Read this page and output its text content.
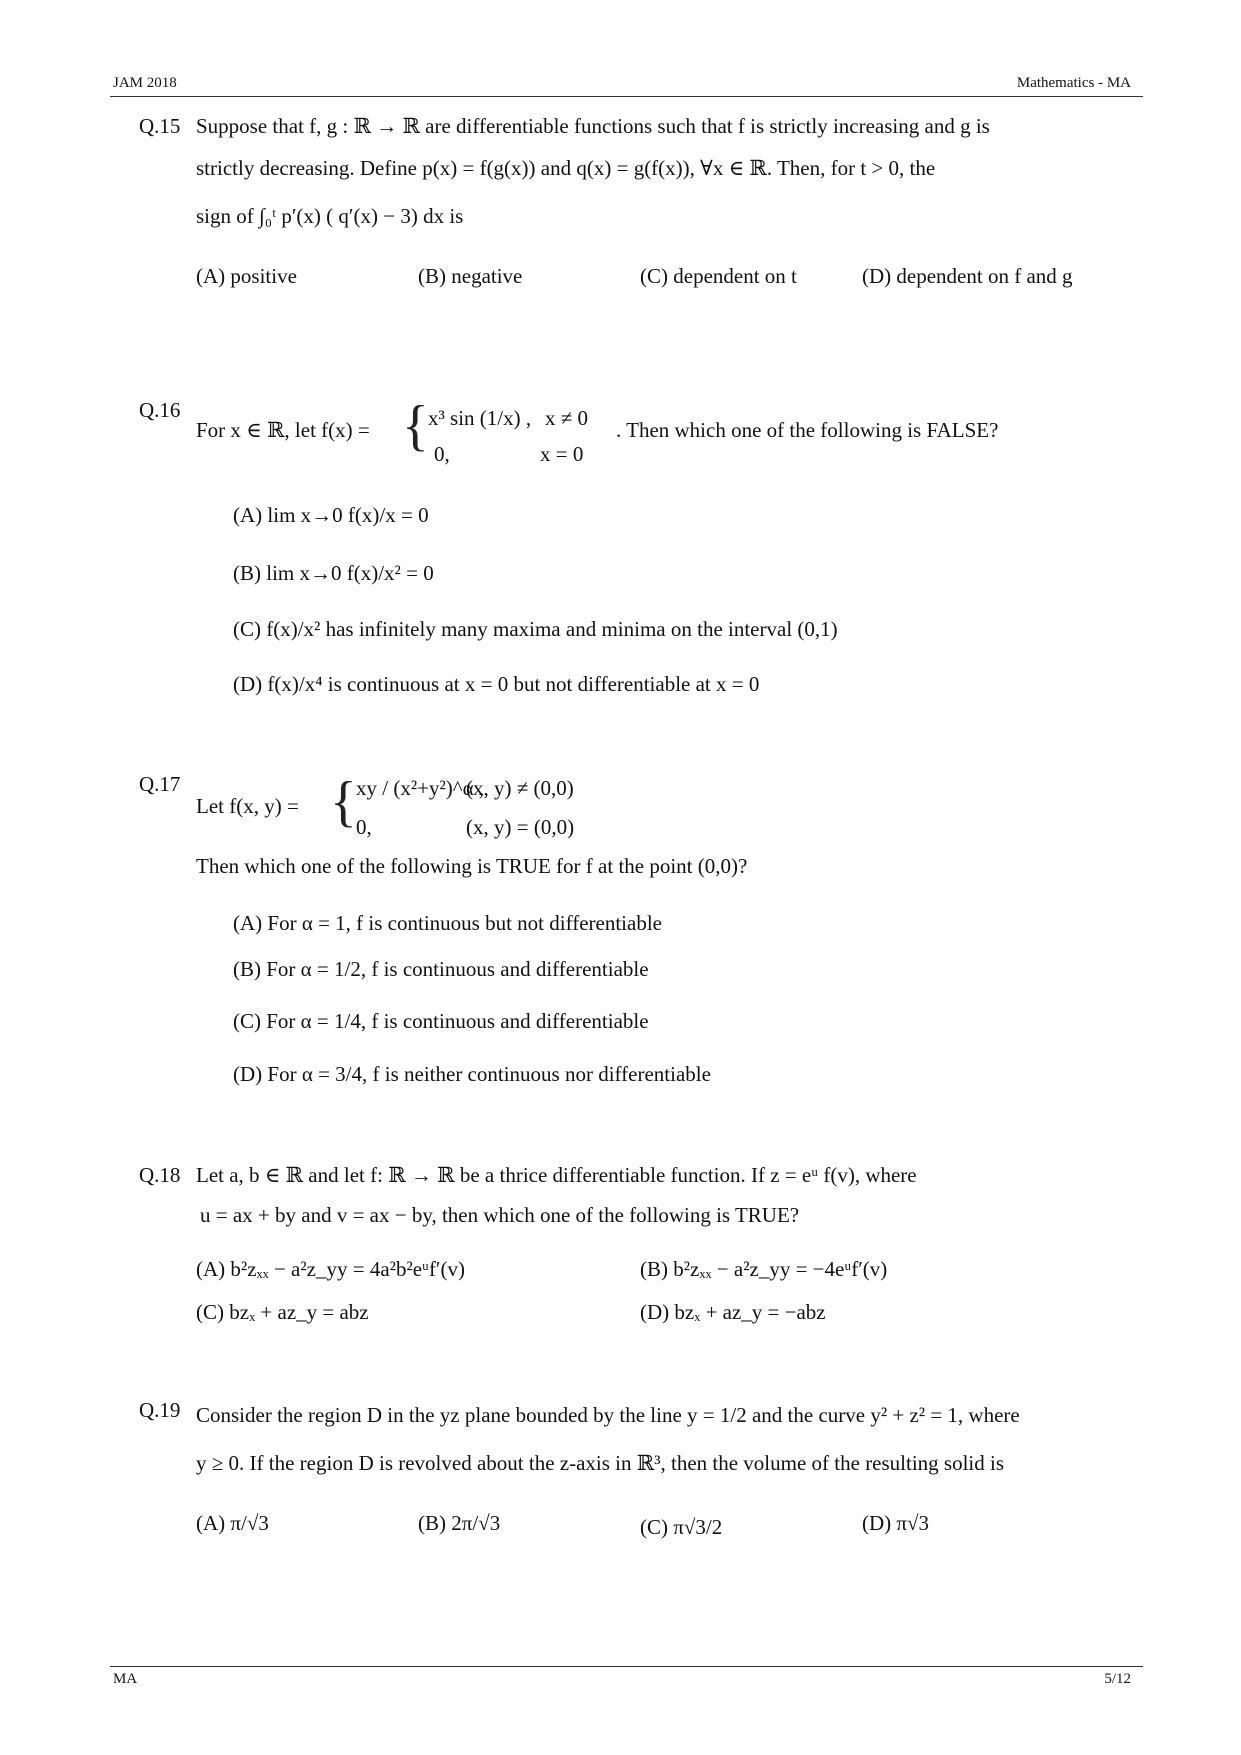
JAM 2018	Mathematics - MA
Q.15 Suppose that f, g : ℝ → ℝ are differentiable functions such that f is strictly increasing and g is
strictly decreasing. Define p(x) = f(g(x)) and q(x) = g(f(x)), ∀x ∈ ℝ. Then, for t > 0, the
sign of ∫₀ᵗ p′(x) ( q′(x) − 3) dx is
(A) positive	(B) negative	(C) dependent on t	(D) dependent on f and g
Q.16
For x ∈ ℝ, let f(x) = { x³ sin (1/x) , x ≠ 0
0,	x = 0
. Then which one of the following is FALSE?
(A) lim x→0 f(x)/x = 0
(B) lim x→0 f(x)/x² = 0
(C) f(x)/x² has infinitely many maxima and minima on the interval (0,1)
(D) f(x)/x⁴ is continuous at x = 0 but not differentiable at x = 0
Q.17
Let f(x, y) = { xy / (x²+y²)^α ,
(x, y) ≠ (0,0)
0,	(x, y) = (0,0)
Then which one of the following is TRUE for f at the point (0,0)?
(A) For α = 1, f is continuous but not differentiable
(B) For α = 1/2, f is continuous and differentiable
(C) For α = 1/4, f is continuous and differentiable
(D) For α = 3/4, f is neither continuous nor differentiable
Q.18 Let a, b ∈ ℝ and let f: ℝ → ℝ be a thrice differentiable function. If z = eᵘ f(v), where
u = ax + by and v = ax − by, then which one of the following is TRUE?
(A) b²zₓₓ − a²z_yy = 4a²b²eᵘf′(v)	(B) b²zₓₓ − a²z_yy = −4eᵘf′(v)
(C) bzₓ + az_y = abz	(D) bzₓ + az_y = −abz
Q.19 Consider the region D in the yz plane bounded by the line y = 1/2 and the curve y² + z² = 1, where
y ≥ 0. If the region D is revolved about the z-axis in ℝ³, then the volume of the resulting solid is
(A) π/√3	(B) 2π/√3	(C) π√3/2	(D) π√3
MA	5/12
